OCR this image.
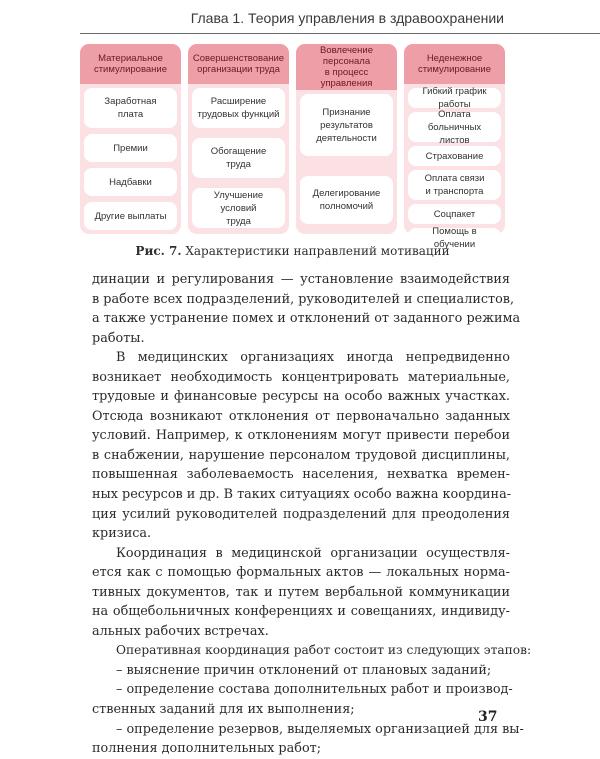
Глава 1. Теория управления в здравоохранении
Материальное
стимулирование
Заработная
плата
Премии
Надбавки
Другие выплаты
Совершенствование
организации труда
Расширение
трудовых функций
Обогащение
труда
Улучшение условий
труда
Вовлечение
персонала
в процесс
управления
Признание
результатов
деятельности
Делегирование
полномочий
Неденежное
стимулирование
Гибкий график работы
Оплата больничных
листов
Страхование
Оплата связи
и транспорта
Соцпакет
Помощь в обучении
Рис. 7. Характеристики направлений мотивации
динации и регулирования — установление взаимодействия
в работе всех подразделений, руководителей и специалистов,
а также устранение помех и отклонений от заданного режима
работы.
В медицинских организациях иногда непредвиденно
возникает необходимость концентрировать материальные,
трудовые и финансовые ресурсы на особо важных участках.
Отсюда возникают отклонения от первоначально заданных
условий. Например, к отклонениям могут привести перебои
в снабжении, нарушение персоналом трудовой дисциплины,
повышенная заболеваемость населения, нехватка времен-
ных ресурсов и др. В таких ситуациях особо важна координа-
ция усилий руководителей подразделений для преодоления
кризиса.
Координация в медицинской организации осуществля-
ется как с помощью формальных актов — локальных норма-
тивных документов, так и путем вербальной коммуникации
на общебольничных конференциях и совещаниях, индивиду-
альных рабочих встречах.
Оперативная координация работ состоит из следующих этапов:
– выяснение причин отклонений от плановых заданий;
– определение состава дополнительных работ и производ-
ственных заданий для их выполнения;
– определение резервов, выделяемых организацией для вы-
полнения дополнительных работ;
37
